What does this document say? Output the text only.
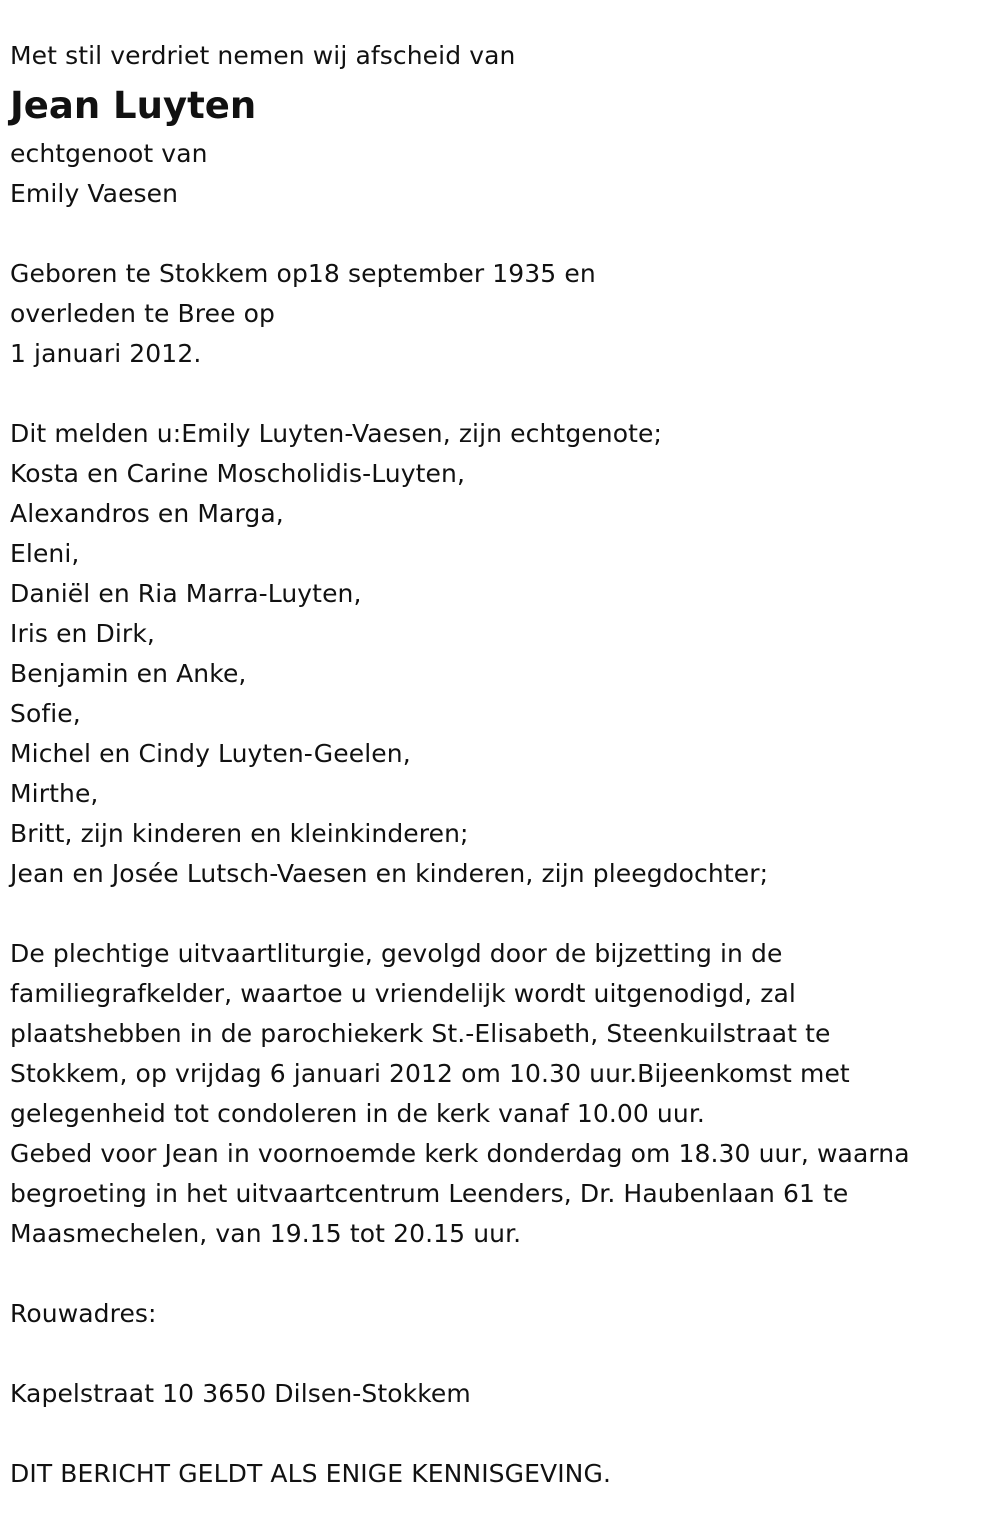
Met stil verdriet nemen wij afscheid van
Jean Luyten
echtgenoot van
Emily Vaesen
Geboren te Stokkem op18 september 1935 en
overleden te Bree op
1 januari 2012.
Dit melden u:Emily Luyten-Vaesen, zijn echtgenote;
Kosta en Carine Moscholidis-Luyten,
Alexandros en Marga,
Eleni,
Daniël en Ria Marra-Luyten,
Iris en Dirk,
Benjamin en Anke,
Sofie,
Michel en Cindy Luyten-Geelen,
Mirthe,
Britt, zijn kinderen en kleinkinderen;
Jean en Josée Lutsch-Vaesen en kinderen, zijn pleegdochter;
De plechtige uitvaartliturgie, gevolgd door de bijzetting in de
familiegrafkelder, waartoe u vriendelijk wordt uitgenodigd, zal
plaatshebben in de parochiekerk St.-Elisabeth, Steenkuilstraat te
Stokkem, op vrijdag 6 januari 2012 om 10.30 uur.Bijeenkomst met
gelegenheid tot condoleren in de kerk vanaf 10.00 uur.
Gebed voor Jean in voornoemde kerk donderdag om 18.30 uur, waarna
begroeting in het uitvaartcentrum Leenders, Dr. Haubenlaan 61 te
Maasmechelen, van 19.15 tot 20.15 uur.
Rouwadres:
Kapelstraat 10 3650 Dilsen-Stokkem
DIT BERICHT GELDT ALS ENIGE KENNISGEVING.
